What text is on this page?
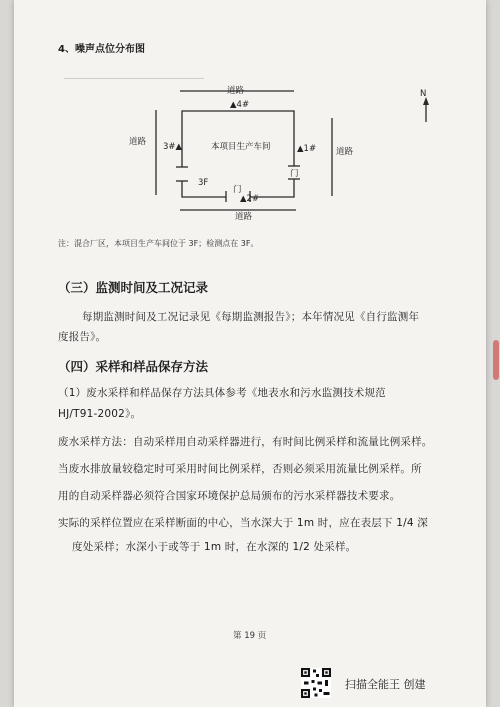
4、噪声点位分布图
道路
▲4#
N
道路	本项目生产车间
3#▲	▲1# 道路
门
3F
门
▲2#
道路
注：混合厂区，本项目生产车间位于 3F；检测点在 3F。
（三）监测时间及工况记录
每期监测时间及工况记录见《每期监测报告》；本年情况见《自行监测年
度报告》。
（四）采样和样品保存方法
（1）废水采样和样品保存方法具体参考《地表水和污水监测技术规范
HJ/T91-2002》。
废水采样方法：自动采样用自动采样器进行，有时间比例采样和流量比例采样。
当废水排放量较稳定时可采用时间比例采样，否则必须采用流量比例采样。所
用的自动采样器必须符合国家环境保护总局颁布的污水采样器技术要求。
实际的采样位置应在采样断面的中心，当水深大于 1m 时，应在表层下 1/4 深
度处采样；水深小于或等于 1m 时，在水深的 1/2 处采样。
第 19 页
扫描全能王 创建
